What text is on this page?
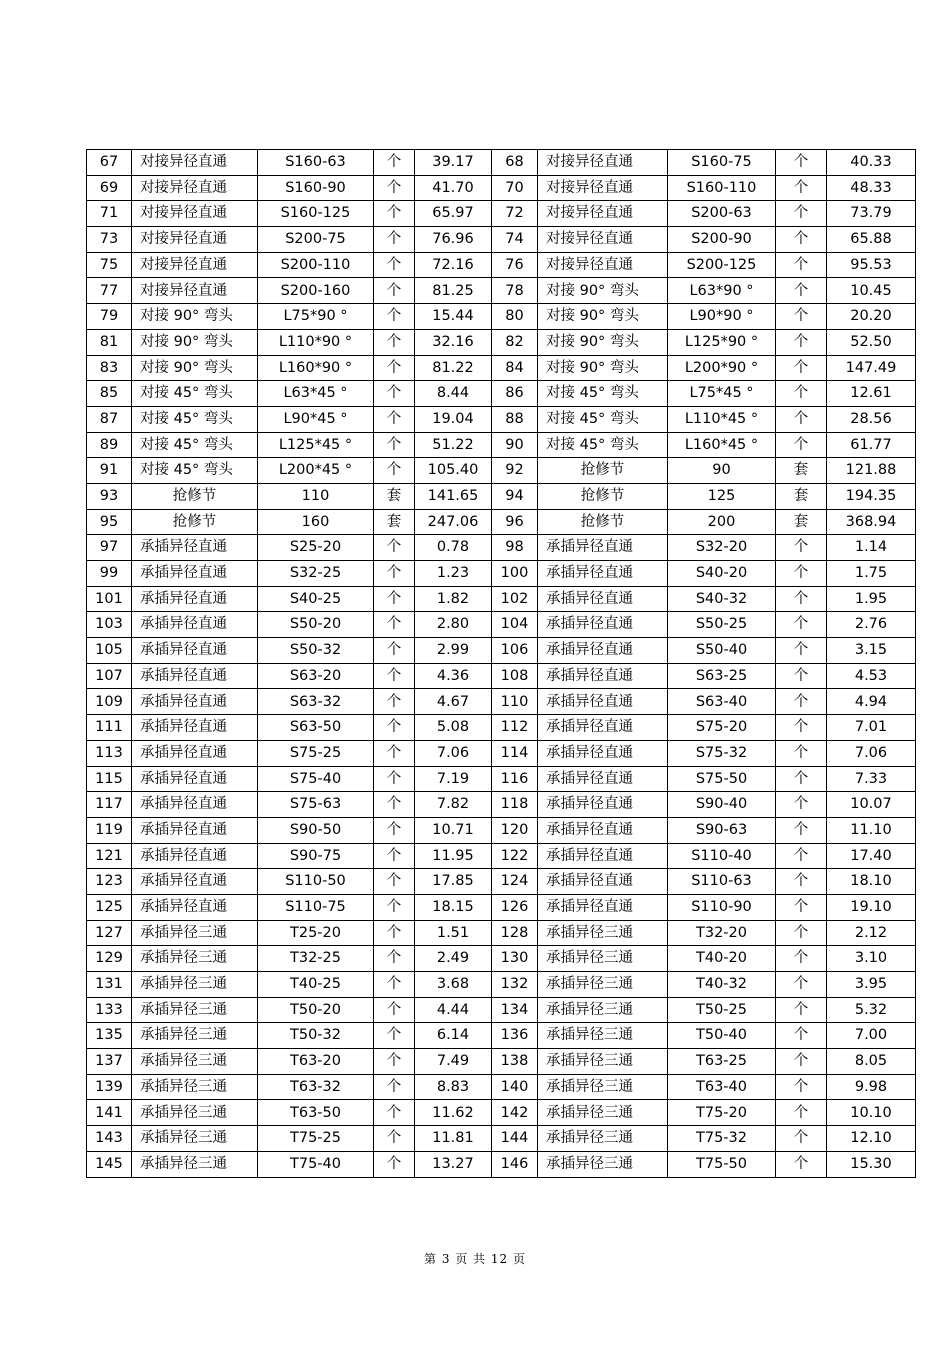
67	对接异径直通	S160-63	个	39.17	68	对接异径直通	S160-75	个	40.33
69	对接异径直通	S160-90	个	41.70	70	对接异径直通	S160-110	个	48.33
71	对接异径直通	S160-125	个	65.97	72	对接异径直通	S200-63	个	73.79
73	对接异径直通	S200-75	个	76.96	74	对接异径直通	S200-90	个	65.88
75	对接异径直通	S200-110	个	72.16	76	对接异径直通	S200-125	个	95.53
77	对接异径直通	S200-160	个	81.25	78	对接 90° 弯头	L63*90 °	个	10.45
79	对接 90° 弯头	L75*90 °	个	15.44	80	对接 90° 弯头	L90*90 °	个	20.20
81	对接 90° 弯头	L110*90 °	个	32.16	82	对接 90° 弯头	L125*90 °	个	52.50
83	对接 90° 弯头	L160*90 °	个	81.22	84	对接 90° 弯头	L200*90 °	个	147.49
85	对接 45° 弯头	L63*45 °	个	8.44	86	对接 45° 弯头	L75*45 °	个	12.61
87	对接 45° 弯头	L90*45 °	个	19.04	88	对接 45° 弯头	L110*45 °	个	28.56
89	对接 45° 弯头	L125*45 °	个	51.22	90	对接 45° 弯头	L160*45 °	个	61.77
91	对接 45° 弯头	L200*45 °	个	105.40	92	抢修节	90	套	121.88
93	抢修节	110	套	141.65	94	抢修节	125	套	194.35
95	抢修节	160	套	247.06	96	抢修节	200	套	368.94
97	承插异径直通	S25-20	个	0.78	98	承插异径直通	S32-20	个	1.14
99	承插异径直通	S32-25	个	1.23	100	承插异径直通	S40-20	个	1.75
101	承插异径直通	S40-25	个	1.82	102	承插异径直通	S40-32	个	1.95
103	承插异径直通	S50-20	个	2.80	104	承插异径直通	S50-25	个	2.76
105	承插异径直通	S50-32	个	2.99	106	承插异径直通	S50-40	个	3.15
107	承插异径直通	S63-20	个	4.36	108	承插异径直通	S63-25	个	4.53
109	承插异径直通	S63-32	个	4.67	110	承插异径直通	S63-40	个	4.94
111	承插异径直通	S63-50	个	5.08	112	承插异径直通	S75-20	个	7.01
113	承插异径直通	S75-25	个	7.06	114	承插异径直通	S75-32	个	7.06
115	承插异径直通	S75-40	个	7.19	116	承插异径直通	S75-50	个	7.33
117	承插异径直通	S75-63	个	7.82	118	承插异径直通	S90-40	个	10.07
119	承插异径直通	S90-50	个	10.71	120	承插异径直通	S90-63	个	11.10
121	承插异径直通	S90-75	个	11.95	122	承插异径直通	S110-40	个	17.40
123	承插异径直通	S110-50	个	17.85	124	承插异径直通	S110-63	个	18.10
125	承插异径直通	S110-75	个	18.15	126	承插异径直通	S110-90	个	19.10
127	承插异径三通	T25-20	个	1.51	128	承插异径三通	T32-20	个	2.12
129	承插异径三通	T32-25	个	2.49	130	承插异径三通	T40-20	个	3.10
131	承插异径三通	T40-25	个	3.68	132	承插异径三通	T40-32	个	3.95
133	承插异径三通	T50-20	个	4.44	134	承插异径三通	T50-25	个	5.32
135	承插异径三通	T50-32	个	6.14	136	承插异径三通	T50-40	个	7.00
137	承插异径三通	T63-20	个	7.49	138	承插异径三通	T63-25	个	8.05
139	承插异径三通	T63-32	个	8.83	140	承插异径三通	T63-40	个	9.98
141	承插异径三通	T63-50	个	11.62	142	承插异径三通	T75-20	个	10.10
143	承插异径三通	T75-25	个	11.81	144	承插异径三通	T75-32	个	12.10
145	承插异径三通	T75-40	个	13.27	146	承插异径三通	T75-50	个	15.30
第 3 页 共 12 页
